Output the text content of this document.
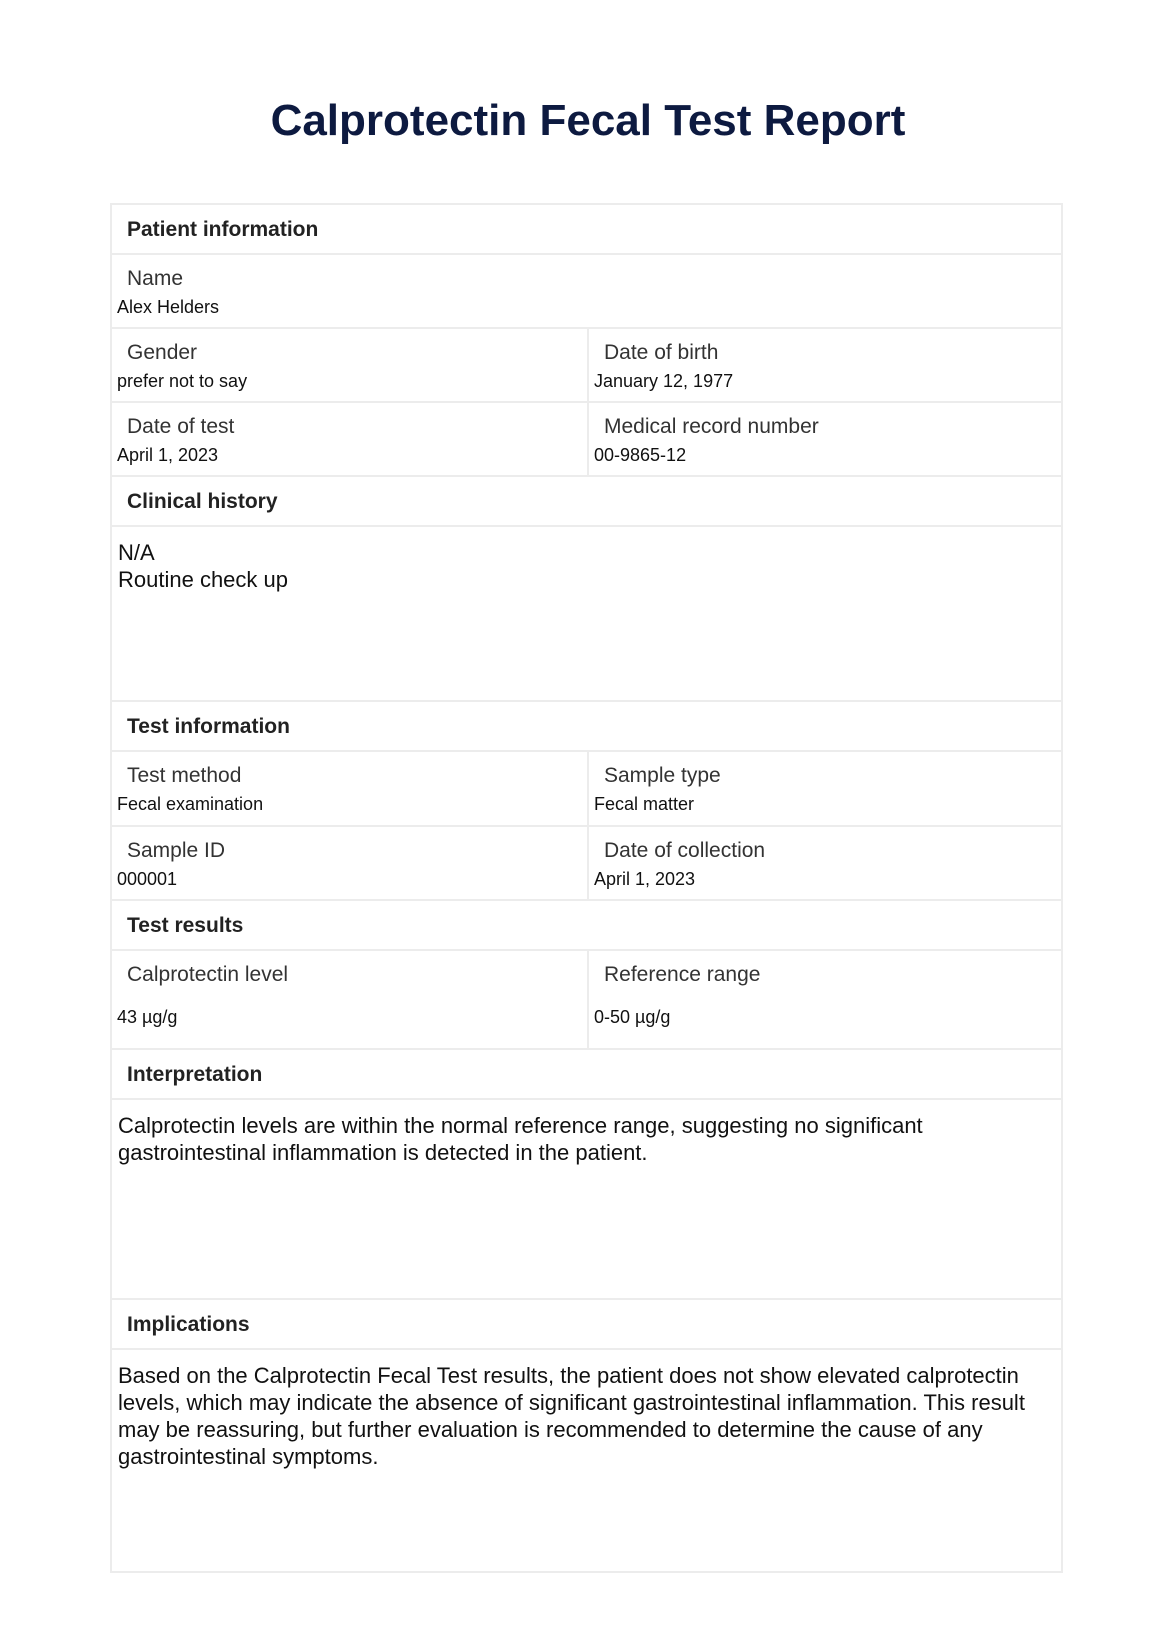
Calprotectin Fecal Test Report
Patient information
Name
Alex Helders
Gender
prefer not to say
Date of birth
January 12, 1977
Date of test
April 1, 2023
Medical record number
00-9865-12
Clinical history
N/A
Routine check up
Test information
Test method
Fecal examination
Sample type
Fecal matter
Sample ID
000001
Date of collection
April 1, 2023
Test results
Calprotectin level
43 µg/g
Reference range
0-50 µg/g
Interpretation
Calprotectin levels are within the normal reference range, suggesting no significant gastrointestinal inflammation is detected in the patient.
Implications
Based on the Calprotectin Fecal Test results, the patient does not show elevated calprotectin levels, which may indicate the absence of significant gastrointestinal inflammation. This result may be reassuring, but further evaluation is recommended to determine the cause of any gastrointestinal symptoms.
